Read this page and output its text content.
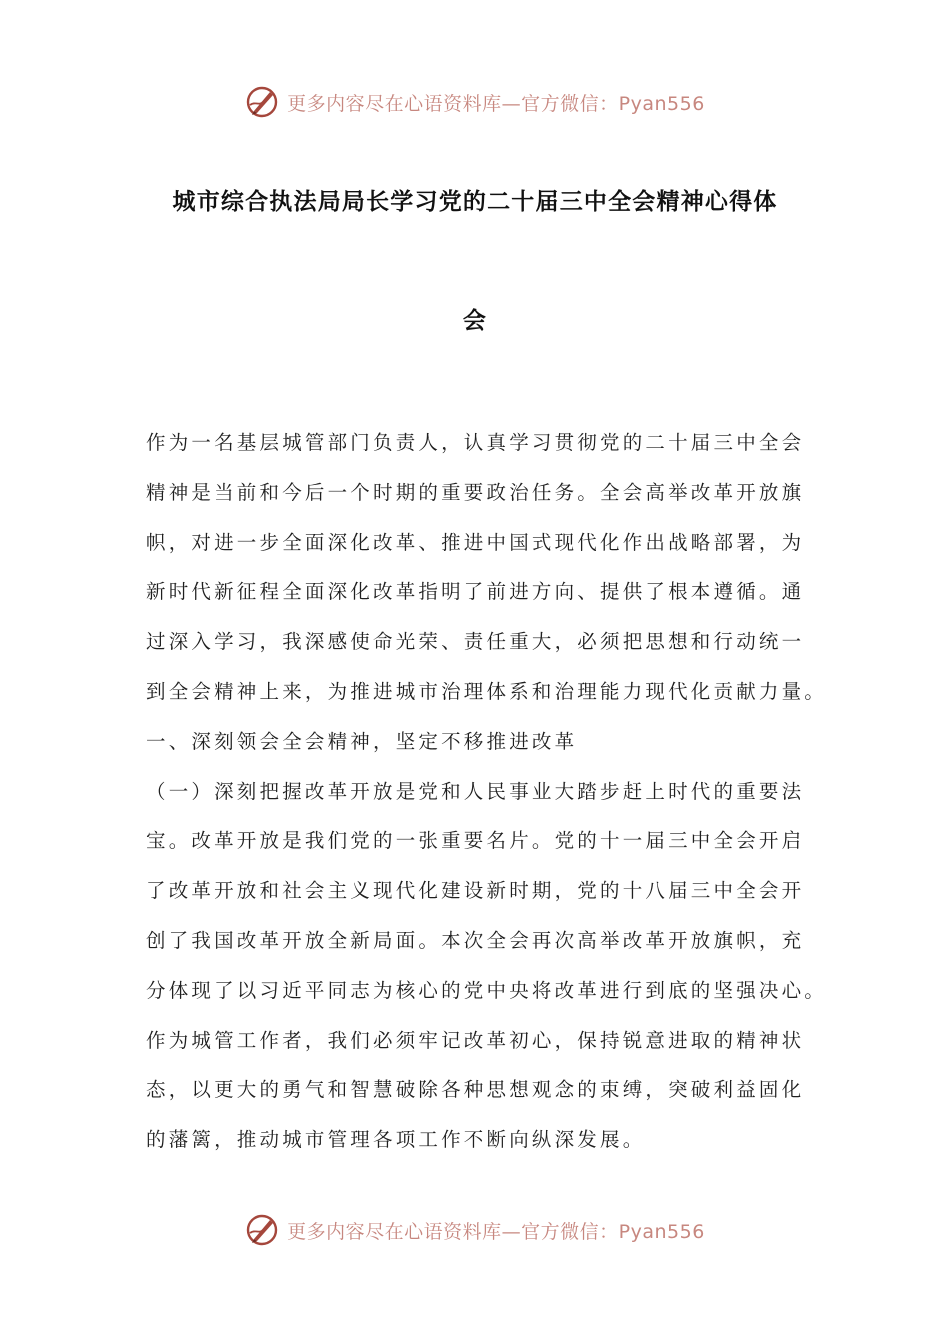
更多内容尽在心语资料库—官方微信：Pyan556
城市综合执法局局长学习党的二十届三中全会精神心得体
会
作为一名基层城管部门负责人，认真学习贯彻党的二十届三中全会
精神是当前和今后一个时期的重要政治任务。全会高举改革开放旗
帜，对进一步全面深化改革、推进中国式现代化作出战略部署，为
新时代新征程全面深化改革指明了前进方向、提供了根本遵循。通
过深入学习，我深感使命光荣、责任重大，必须把思想和行动统一
到全会精神上来，为推进城市治理体系和治理能力现代化贡献力量。
一、深刻领会全会精神，坚定不移推进改革
（一）深刻把握改革开放是党和人民事业大踏步赶上时代的重要法
宝。改革开放是我们党的一张重要名片。党的十一届三中全会开启
了改革开放和社会主义现代化建设新时期，党的十八届三中全会开
创了我国改革开放全新局面。本次全会再次高举改革开放旗帜，充
分体现了以习近平同志为核心的党中央将改革进行到底的坚强决心。
作为城管工作者，我们必须牢记改革初心，保持锐意进取的精神状
态，以更大的勇气和智慧破除各种思想观念的束缚，突破利益固化
的藩篱，推动城市管理各项工作不断向纵深发展。
更多内容尽在心语资料库—官方微信：Pyan556
